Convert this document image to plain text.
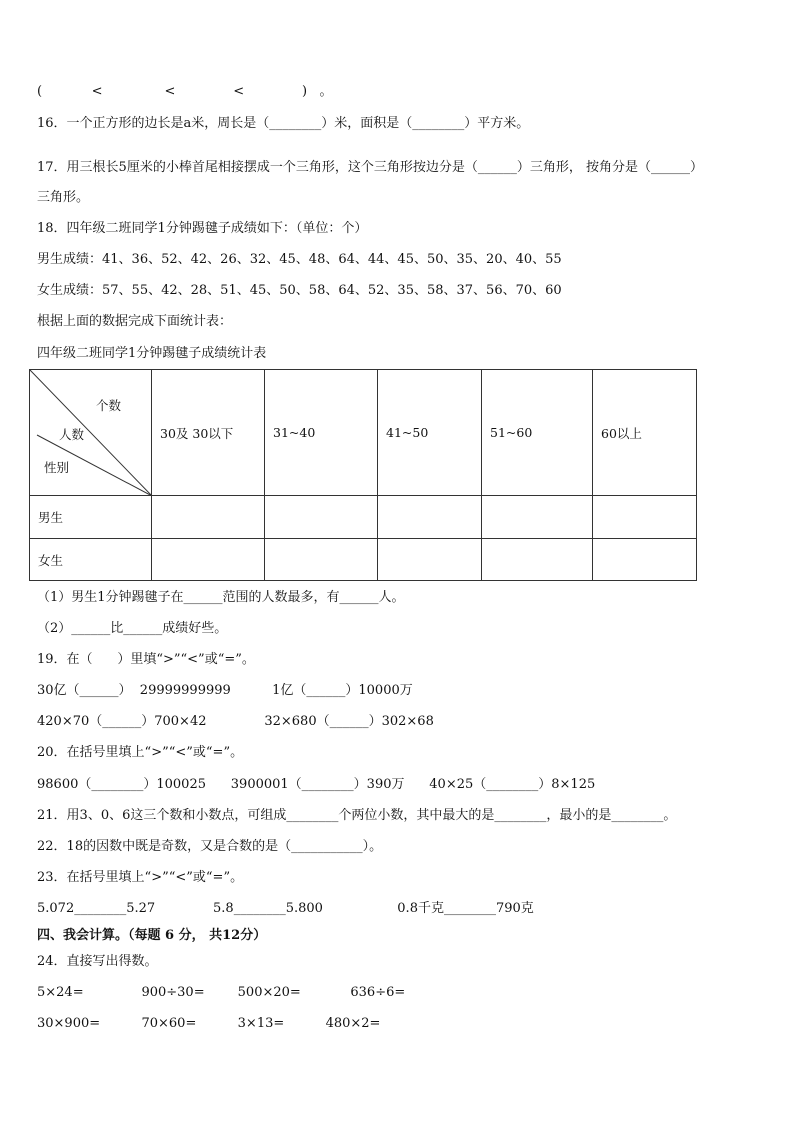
(            <               <              <              )   。
16．一个正方形的边长是a米，周长是（________）米，面积是（________）平方米。
17．用三根长5厘米的小棒首尾相接摆成一个三角形，这个三角形按边分是（______）三角形， 按角分是（______）
三角形。
18．四年级二班同学1分钟踢毽子成绩如下：（单位：个）
男生成绩：41、36、52、42、26、32、45、48、64、44、45、50、35、20、40、55
女生成绩：57、55、42、28、51、45、50、58、64、52、35、58、37、56、70、60
根据上面的数据完成下面统计表：
四年级二班同学1分钟踢毽子成绩统计表
个数
人数
性别	30及 30以下	31~40	41~50	51~60	60以上
男生					
女生					
（1）男生1分钟踢毽子在______范围的人数最多，有______人。
（2）______比______成绩好些。
19．在（      ）里填“>”“<”或“=”。
30亿（______）  29999999999          1亿（______）10000万
420×70（______）700×42              32×680（______）302×68
20．在括号里填上“>”“<”或“=”。
98600（________）100025      3900001（________）390万      40×25（________）8×125
21．用3、0、6这三个数和小数点，可组成________个两位小数，其中最大的是________，最小的是________。
22．18的因数中既是奇数，又是合数的是（___________）。
23．在括号里填上“>”“<”或“=”。
5.072________5.27              5.8________5.800                  0.8千克________790克
四、我会计算。（每题 6 分， 共12分）
24．直接写出得数。
5×24=              900÷30=        500×20=            636÷6=
30×900=          70×60=          3×13=          480×2=
